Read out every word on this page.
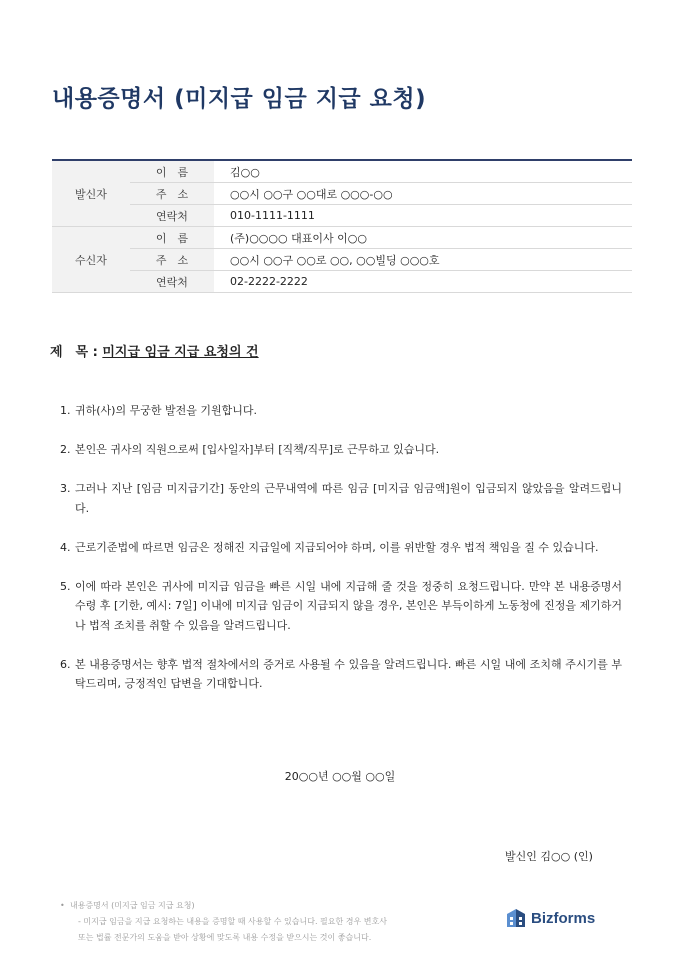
내용증명서 (미지급 임금 지급 요청)
발신자	이　름	김○○
	주　소	○○시 ○○구 ○○대로 ○○○-○○
	연락처	010-1111-1111
수신자	이　름	(주)○○○○ 대표이사 이○○
	주　소	○○시 ○○구 ○○로 ○○, ○○빌딩 ○○○호
	연락처	02-2222-2222
제　목 : 미지급 임금 지급 요청의 건
1. 귀하(사)의 무궁한 발전을 기원합니다.
2. 본인은 귀사의 직원으로써 [입사일자]부터 [직책/직무]로 근무하고 있습니다.
3. 그러나 지난 [임금 미지급기간] 동안의 근무내역에 따른 임금 [미지급 임금액]원이 입금되지 않았음을 알려드립니다.
4. 근로기준법에 따르면 임금은 정해진 지급일에 지급되어야 하며, 이를 위반할 경우 법적 책임을 질 수 있습니다.
5. 이에 따라 본인은 귀사에 미지급 임금을 빠른 시일 내에 지급해 줄 것을 정중히 요청드립니다. 만약 본 내용증명서 수령 후 [기한, 예시: 7일] 이내에 미지급 임금이 지급되지 않을 경우, 본인은 부득이하게 노동청에 진정을 제기하거나 법적 조치를 취할 수 있음을 알려드립니다.
6. 본 내용증명서는 향후 법적 절차에서의 증거로 사용될 수 있음을 알려드립니다. 빠른 시일 내에 조치해 주시기를 부탁드리며, 긍정적인 답변을 기대합니다.
20○○년 ○○월 ○○일
발신인 김○○ (인)
• 내용증명서 (미지급 임금 지급 요청)
- 미지급 임금을 지급 요청하는 내용을 증명할 때 사용할 수 있습니다. 필요한 경우 변호사
또는 법률 전문가의 도움을 받아 상황에 맞도록 내용 수정을 받으시는 것이 좋습니다.
Bizforms
